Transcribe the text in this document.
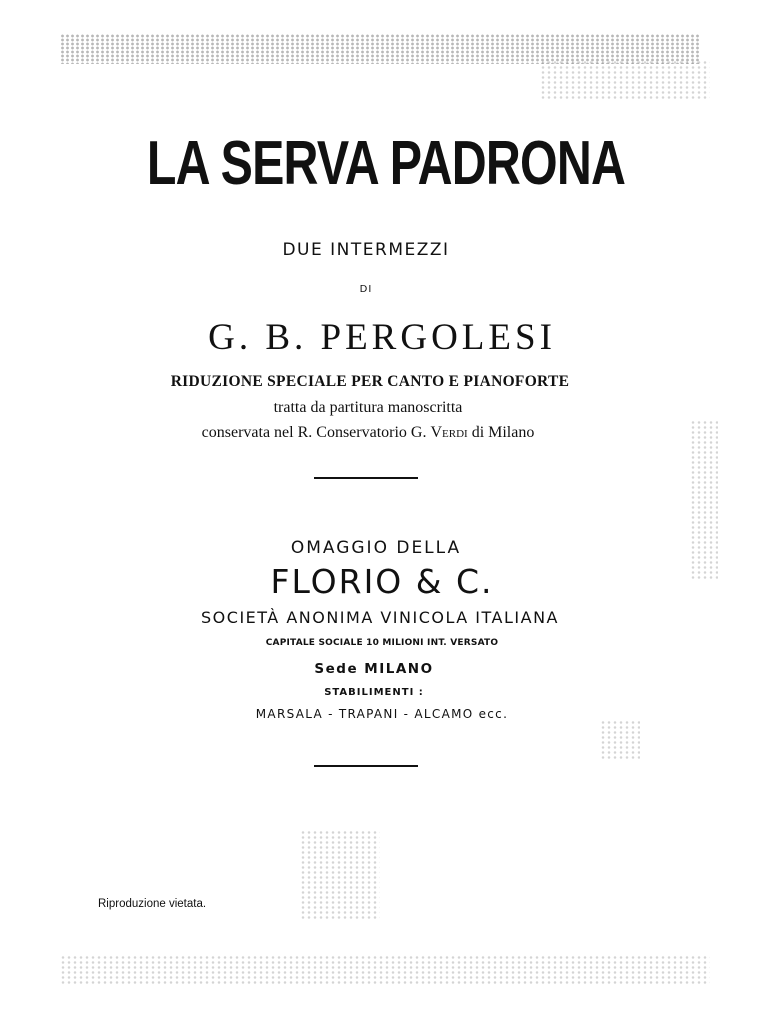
LA SERVA PADRONA
DUE INTERMEZZI
DI
G. B. PERGOLESI
RIDUZIONE SPECIALE PER CANTO E PIANOFORTE
tratta da partitura manoscritta
conservata nel R. Conservatorio G. Verdi di Milano
OMAGGIO DELLA
FLORIO & C.
SOCIETÀ ANONIMA VINICOLA ITALIANA
CAPITALE SOCIALE 10 MILIONI INT. VERSATO
Sede MILANO
STABILIMENTI :
MARSALA - TRAPANI - ALCAMO ecc.
Riproduzione vietata.
